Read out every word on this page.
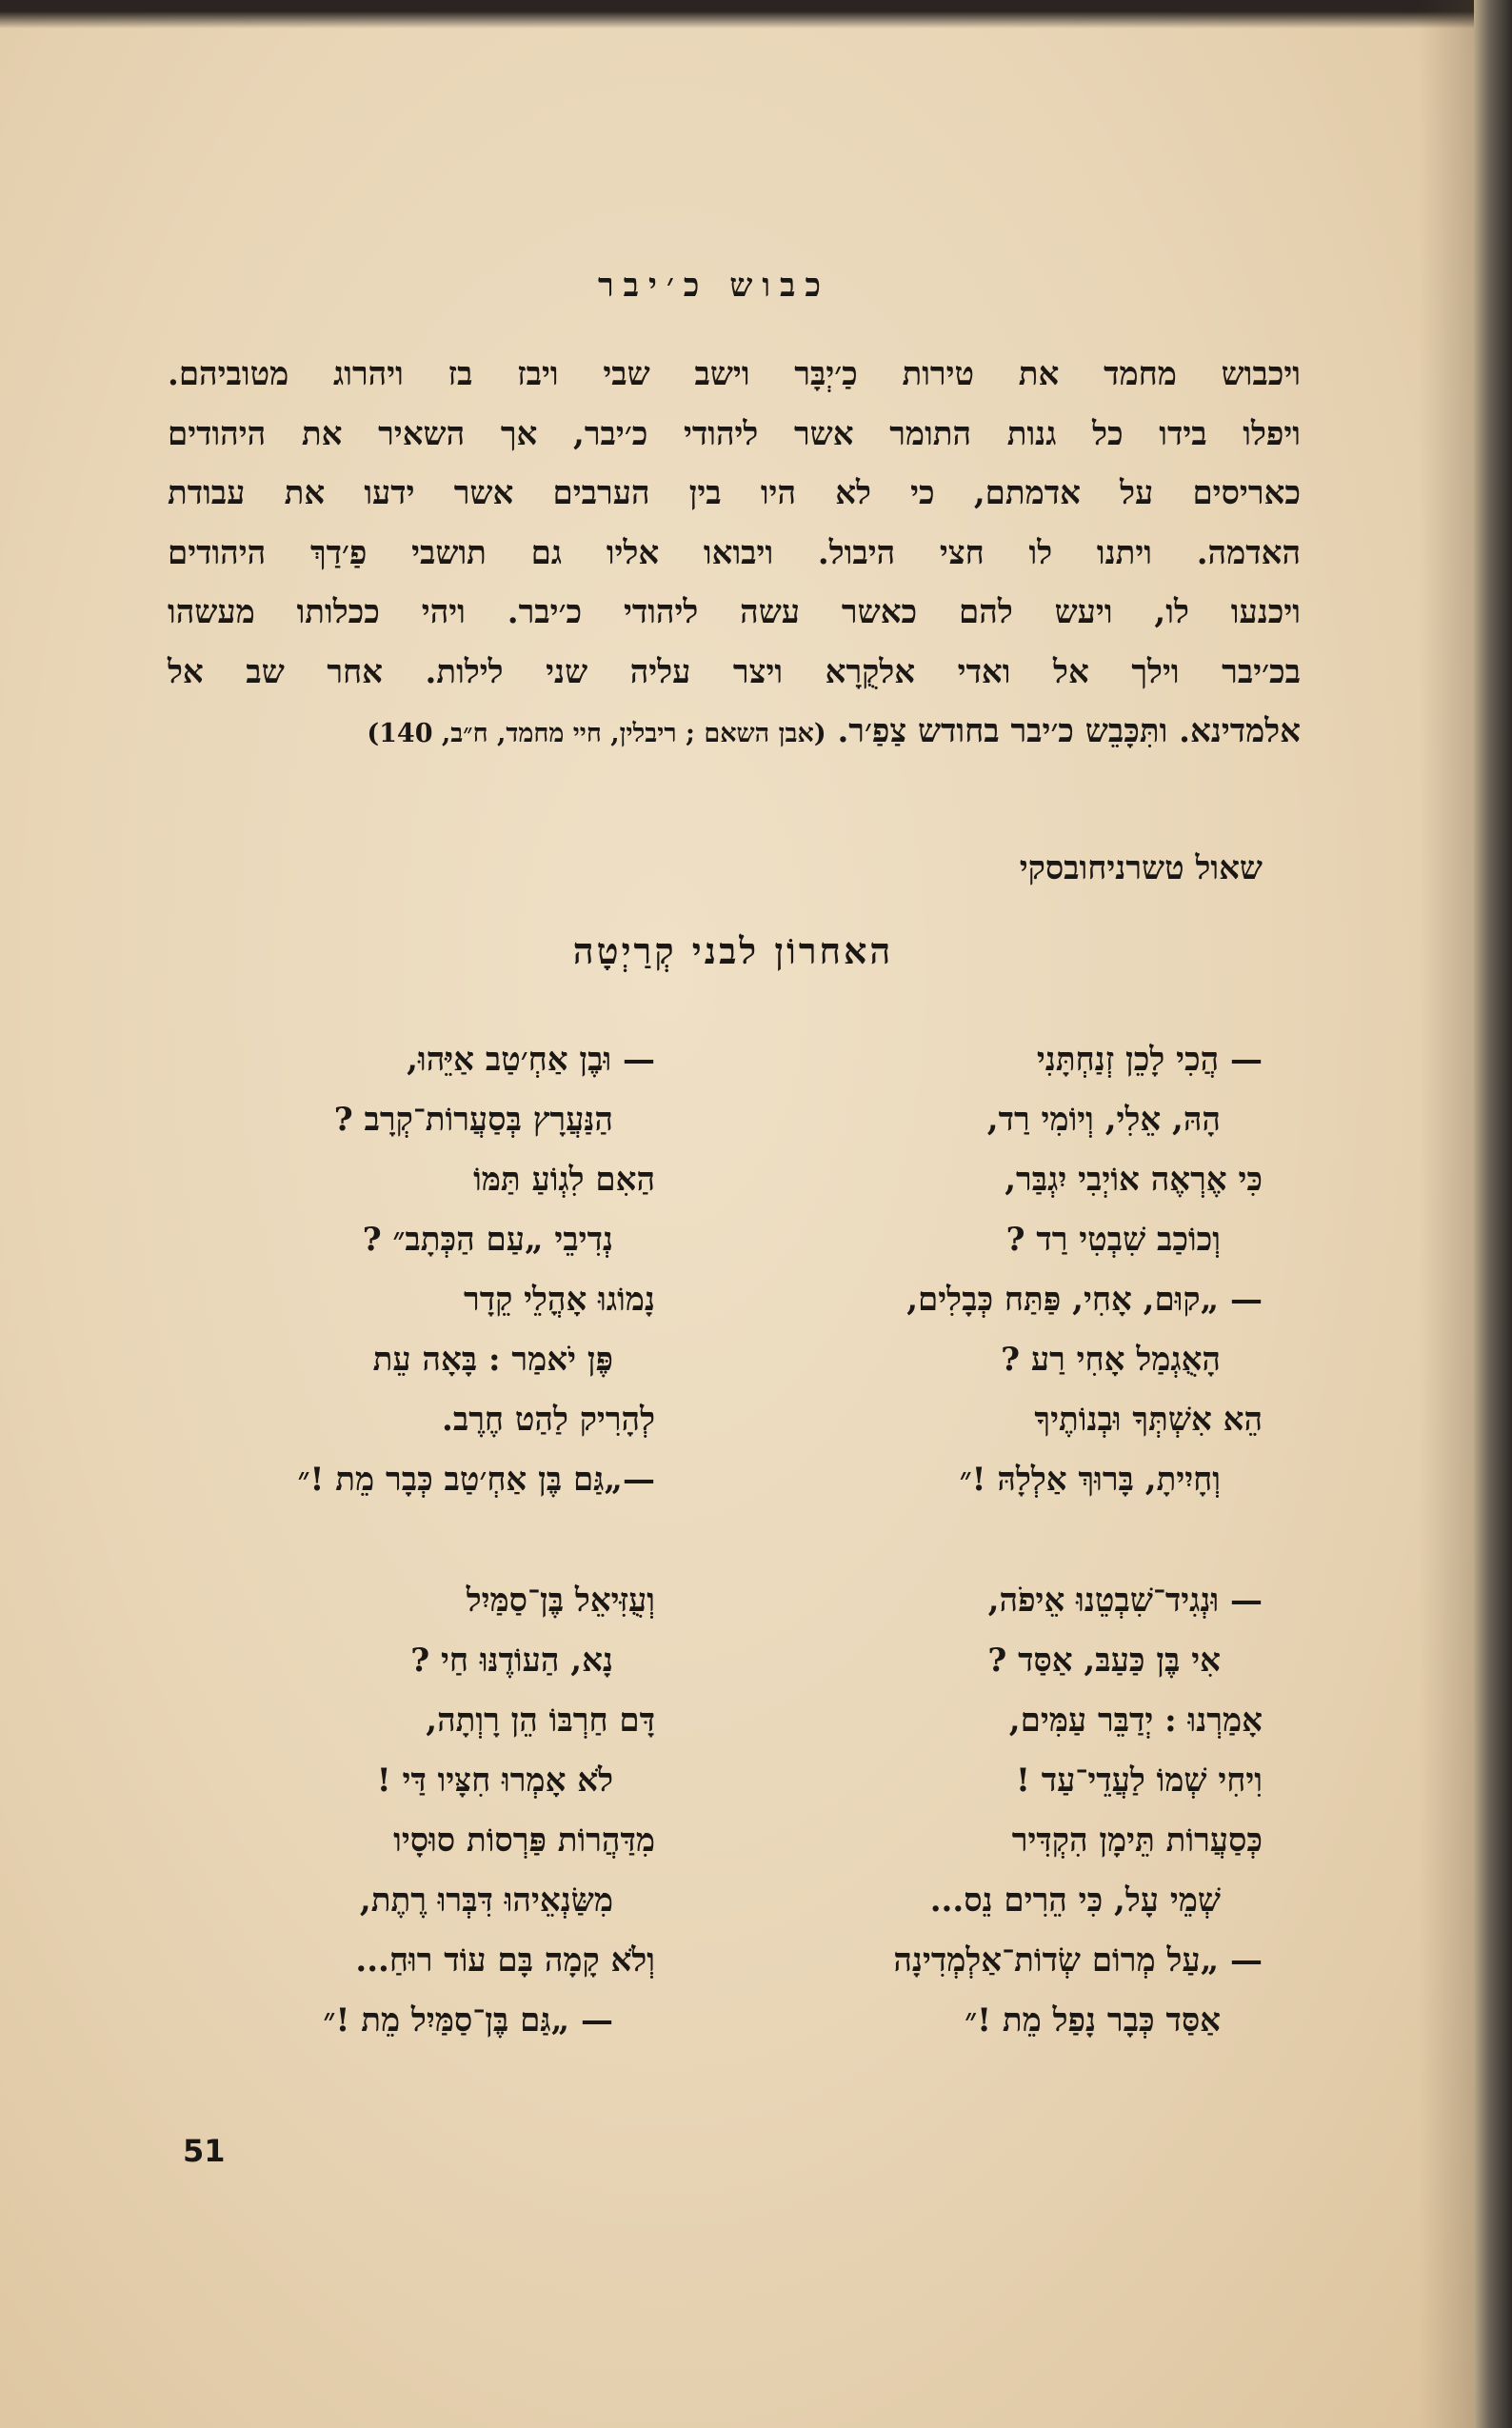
כבוש כ׳יבר
ויכבוש מחמד את טירות כַ׳יְבָּר וישב שבי ויבז בז ויהרוג מטוביהם.
ויפלו בידו כל גנות התומר אשר ליהודי כ׳יבר, אך השאיר את היהודים
כאריסים על אדמתם, כי לא היו בין הערבים אשר ידעו את עבודת
האדמה. ויתנו לו חצי היבול. ויבואו אליו גם תושבי פַ׳דַךְ היהודים
ויכנעו לו, ויעש להם כאשר עשה ליהודי כ׳יבר. ויהי ככלותו מעשהו
בכ׳יבר וילך אל ואדי אלקֻרָא ויצר עליה שני לילות. אחר שב אל
אלמדינא. ותִּכָּבֵש כ׳יבר בחודש צַפַ׳ר. (אבן השאם ; ריבלין, חיי מחמד, ח״ב, 140)
שאול טשרניחובסקי
האחרוֹן לבני קְרַיְטָה
— הֲכִי לָכֵן זְנַחְתָּנִי
הָהּ, אֵלִי, וְיוֹמִי רַד,
כִּי אֶרְאֶה אוֹיְבִי יִגְבַּר,
וְכוֹכַב שִׁבְטִי רַד ?
— „קוּם, אָחִי, פַּתַּח כְּבָלִים,
הָאֻגְמַל אָחִי רַע ?
הֵא אִשְׁתְּךָ וּבְנוֹתֶיךָ
וְחָיִיתָ, בָּרוּךְ אַלְלָהּ !״
— וּבֶן אַחְ׳טַב אַיֵּהוּ,
הַנַּעֲרָץ בְּסַעֲרוֹת־קְרָב ?
הַאִם לִגְוֹעַ תַּמּוֹ
נְדִיבֵי „עַם הַכְּתָב״ ?
נָמוֹגוּ אָהֳלֵי קֵדָר
פֶּן יֹאמַר : בָּאָה עֵת
לְהָרִיק לַהַט חֶרֶב.
—„גַּם בֶּן אַחְ׳טַב כְּבָר מֵת !״
— וּנְגִיד־שִׁבְטֵנוּ אֵיפֹה,
אִי בֶּן כַּעַבּ, אַסַּד ?
אָמַרְנוּ : יְדַבֵּר עַמִּים,
וִיחִי שְׁמוֹ לַעֲדֵי־עַד !
כְּסַעֲרוֹת תֵּימָן הִקְדִּיר
שְׁמֵי עָל, כִּי הֵרִים נֵס...
— „עַל מְרוֹם שְׂדוֹת־אַלְמְדִינָה
אַסַּד כְּבָר נָפַל מֵת !״
וְעֻזִּיאֵל בֶּן־סַמַּיִל
נָא, הַעוֹדֶנּוּ חַי ?
דָּם חַרְבּוֹ הֵן רָוְתָה,
לֹא אָמְרוּ חִצָּיו דַּי !
מִדַּהֲרוֹת פַּרְסוֹת סוּסָיו
מִשַּׂנְאֵיהוּ דִּבְּרוּ רֶתֶת,
וְלֹא קָמָה בָּם עוֹד רוּחַ...
— „גַּם בֶּן־סַמַּיִל מֵת !״
51
